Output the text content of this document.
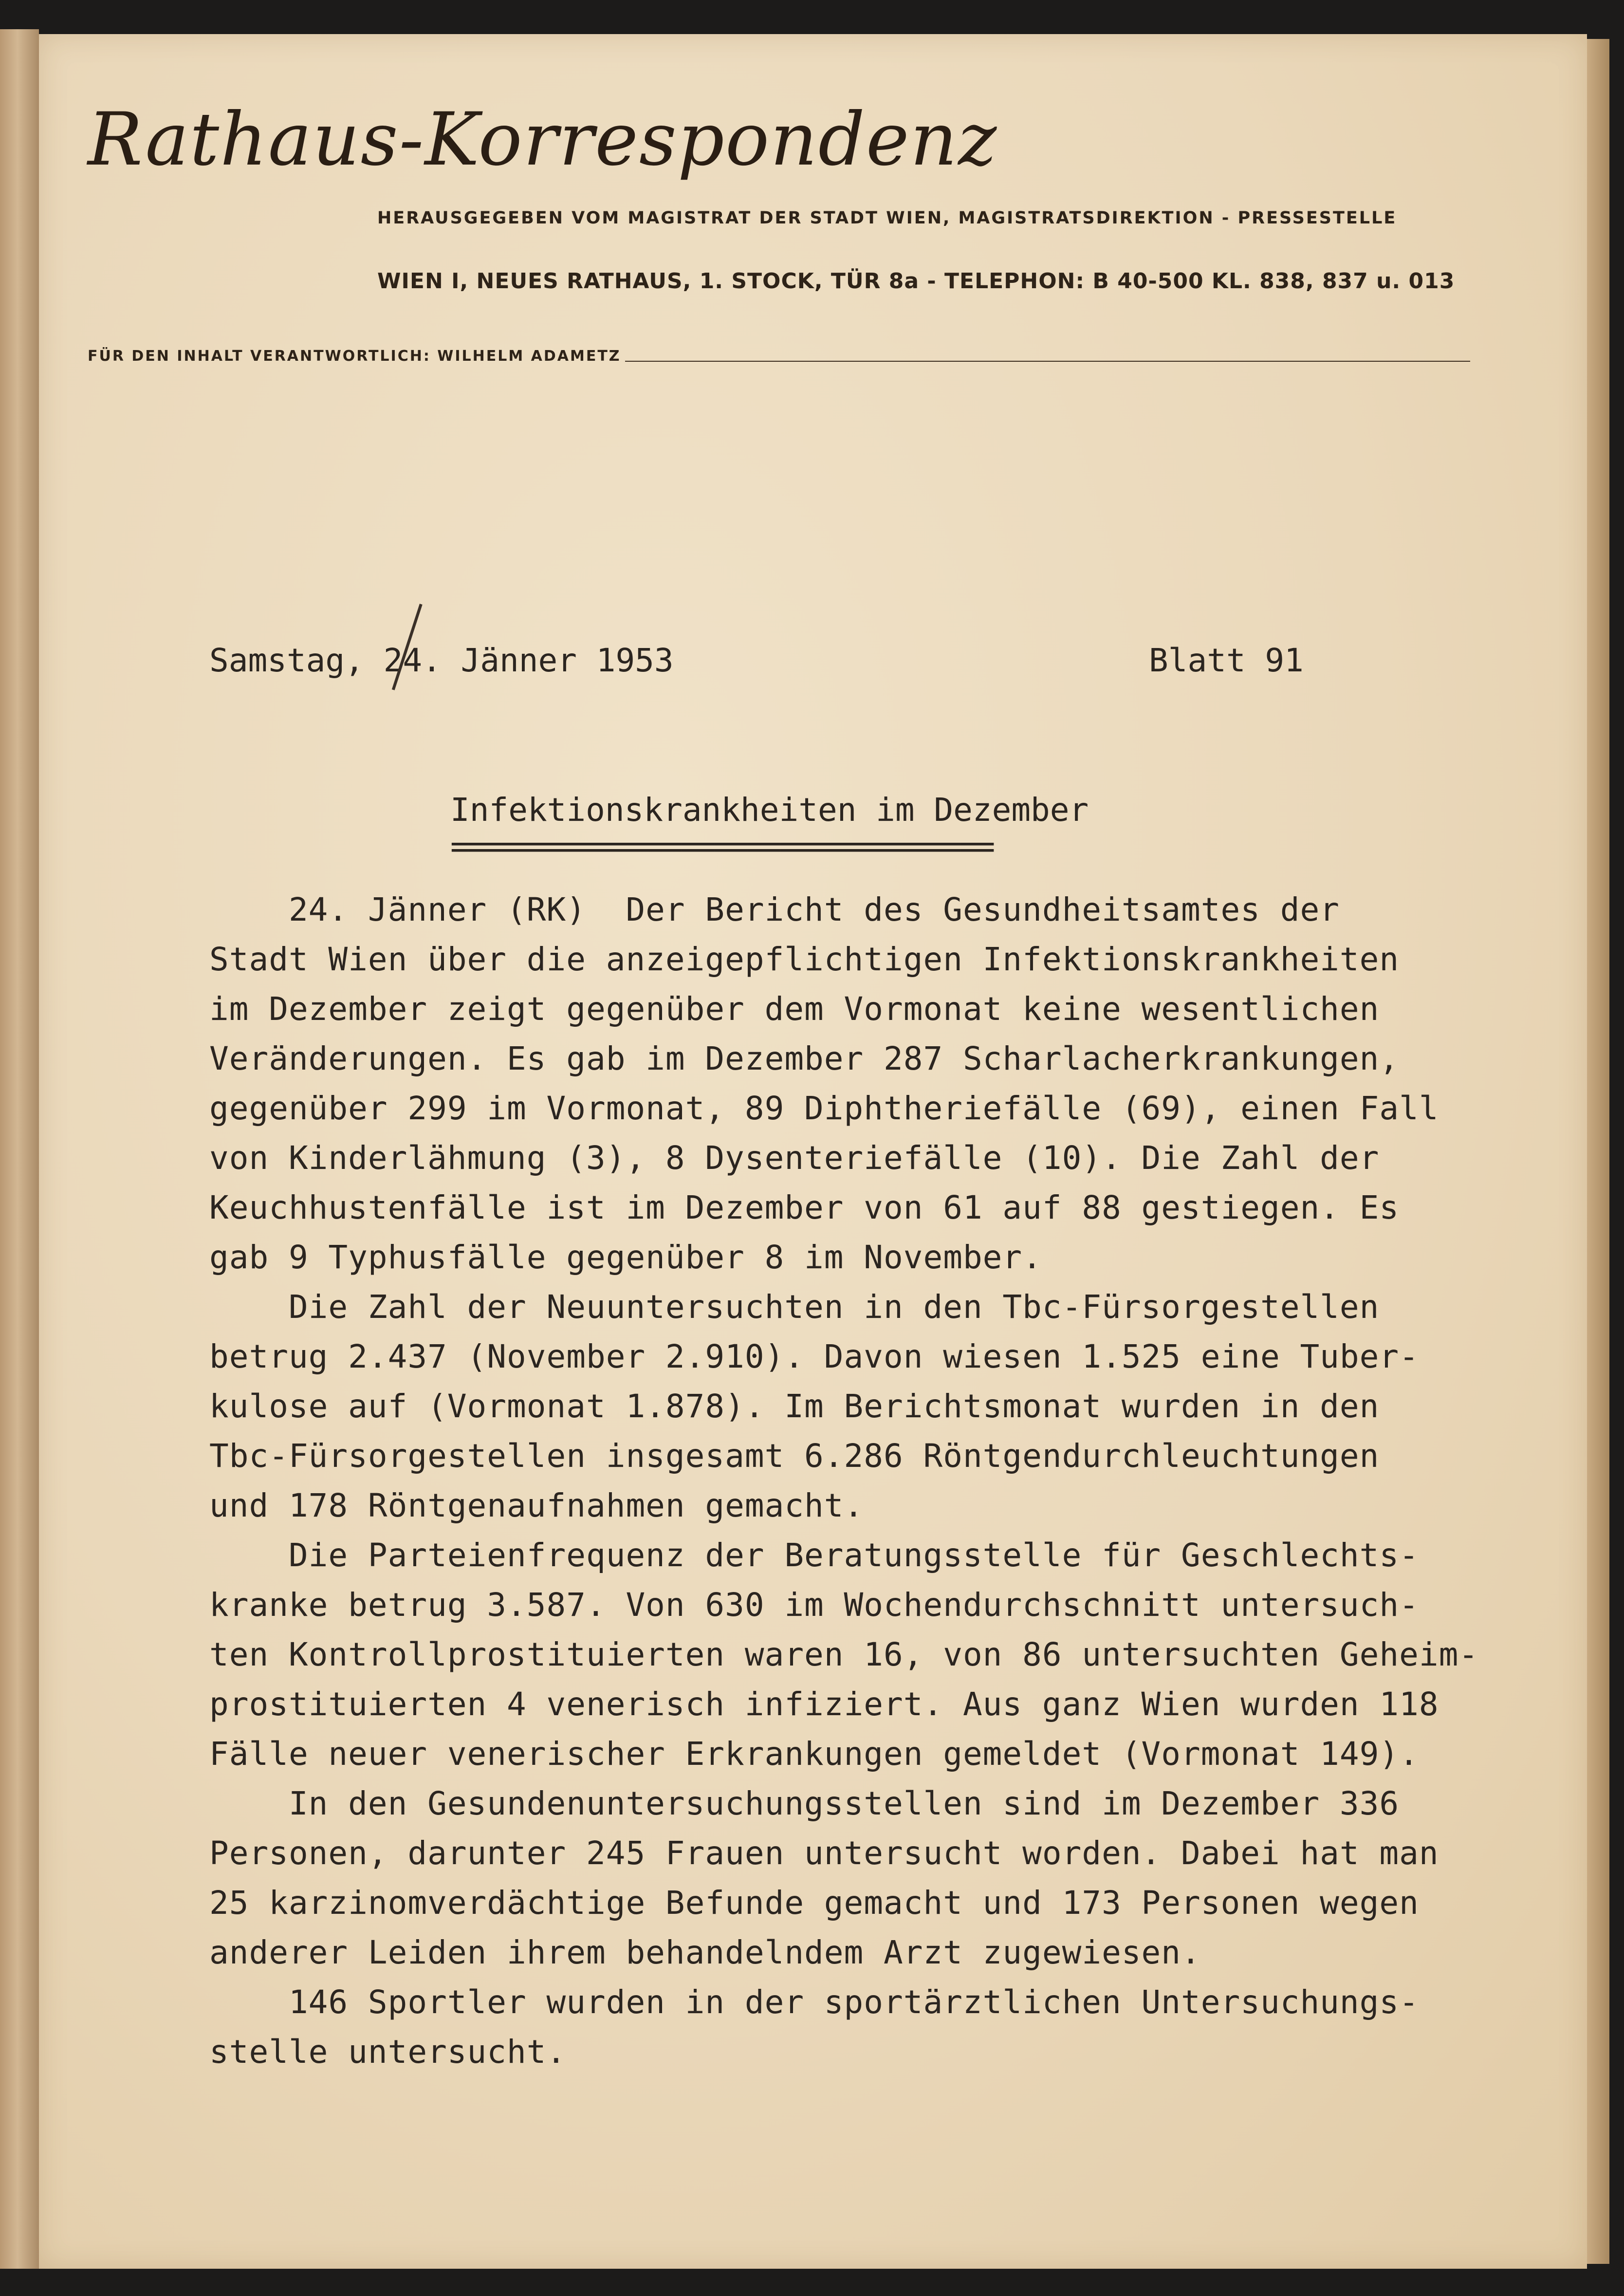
Rathaus-Korrespondenz
HERAUSGEGEBEN VOM MAGISTRAT DER STADT WIEN, MAGISTRATSDIREKTION - PRESSESTELLE
WIEN I, NEUES RATHAUS, 1. STOCK, TÜR 8a - TELEPHON: B 40-500 KL. 838, 837 u. 013
FÜR DEN INHALT VERANTWORTLICH: WILHELM ADAMETZ
Samstag, 24. Jänner 1953	Blatt 91
Infektionskrankheiten im Dezember
=================================
24. Jänner (RK)  Der Bericht des Gesundheitsamtes der
Stadt Wien über die anzeigepflichtigen Infektionskrankheiten
im Dezember zeigt gegenüber dem Vormonat keine wesentlichen
Veränderungen. Es gab im Dezember 287 Scharlacherkrankungen,
gegenüber 299 im Vormonat, 89 Diphtheriefälle (69), einen Fall
von Kinderlähmung (3), 8 Dysenteriefälle (10). Die Zahl der
Keuchhustenfälle ist im Dezember von 61 auf 88 gestiegen. Es
gab 9 Typhusfälle gegenüber 8 im November.
Die Zahl der Neuuntersuchten in den Tbc-Fürsorgestellen
betrug 2.437 (November 2.910). Davon wiesen 1.525 eine Tuber-
kulose auf (Vormonat 1.878). Im Berichtsmonat wurden in den
Tbc-Fürsorgestellen insgesamt 6.286 Röntgendurchleuchtungen
und 178 Röntgenaufnahmen gemacht.
Die Parteienfrequenz der Beratungsstelle für Geschlechts-
kranke betrug 3.587. Von 630 im Wochendurchschnitt untersuch-
ten Kontrollprostituierten waren 16, von 86 untersuchten Geheim-
prostituierten 4 venerisch infiziert. Aus ganz Wien wurden 118
Fälle neuer venerischer Erkrankungen gemeldet (Vormonat 149).
In den Gesundenuntersuchungsstellen sind im Dezember 336
Personen, darunter 245 Frauen untersucht worden. Dabei hat man
25 karzinomverdächtige Befunde gemacht und 173 Personen wegen
anderer Leiden ihrem behandelndem Arzt zugewiesen.
146 Sportler wurden in der sportärztlichen Untersuchungs-
stelle untersucht.
